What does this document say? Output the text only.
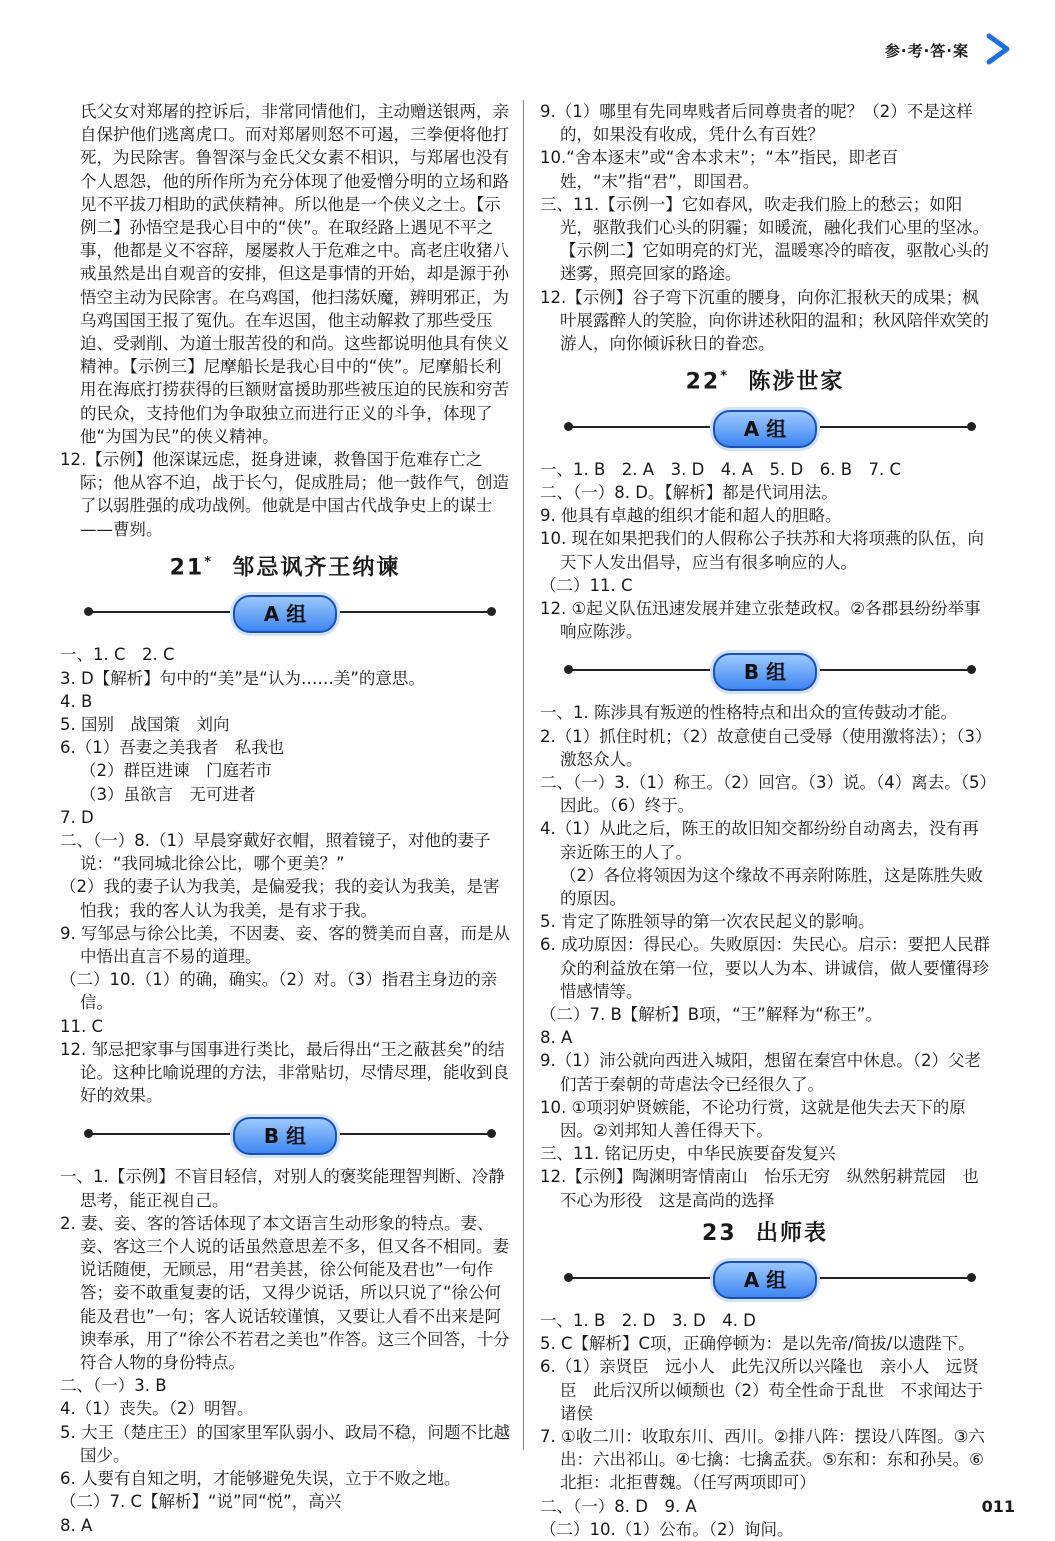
参·考·答·案

氏父女对郑屠的控诉后，非常同情他们，主动赠送银两，亲自保护他们逃离虎口。而对郑屠则怒不可遏，三拳便将他打死，为民除害。鲁智深与金氏父女素不相识，与郑屠也没有个人恩怨，他的所作所为充分体现了他爱憎分明的立场和路见不平拔刀相助的武侠精神。所以他是一个侠义之士。【示例二】孙悟空是我心目中的“侠”。在取经路上遇见不平之事，他都是义不容辞，屡屡救人于危难之中。高老庄收猪八戒虽然是出自观音的安排，但这是事情的开始，却是源于孙悟空主动为民除害。在乌鸡国，他扫荡妖魔，辨明邪正，为乌鸡国国王报了冤仇。在车迟国，他主动解救了那些受压迫、受剥削、为道士服苦役的和尚。这些都说明他具有侠义精神。【示例三】尼摩船长是我心目中的“侠”。尼摩船长利用在海底打捞获得的巨额财富援助那些被压迫的民族和穷苦的民众，支持他们为争取独立而进行正义的斗争，体现了他“为国为民”的侠义精神。

12.【示例】他深谋远虑，挺身进谏，救鲁国于危难存亡之际；他从容不迫，战于长勺，促成胜局；他一鼓作气，创造了以弱胜强的成功战例。他就是中国古代战争史上的谋士——曹刿。

21* 邹忌讽齐王纳谏
A 组

一、1. C　2. C

3. D【解析】句中的“美”是“认为……美”的意思。

4. B

5. 国别　战国策　刘向

6.（1）吾妻之美我者　私我也

（2）群臣进谏　门庭若市

（3）虽欲言　无可进者

7. D

二、（一）8.（1）早晨穿戴好衣帽，照着镜子，对他的妻子说：“我同城北徐公比，哪个更美？”

（2）我的妻子认为我美，是偏爱我；我的妾认为我美，是害怕我；我的客人认为我美，是有求于我。

9. 写邹忌与徐公比美，不因妻、妾、客的赞美而自喜，而是从中悟出直言不易的道理。

（二）10.（1）的确，确实。（2）对。（3）指君主身边的亲信。

11. C

12. 邹忌把家事与国事进行类比，最后得出“王之蔽甚矣”的结论。这种比喻说理的方法，非常贴切，尽情尽理，能收到良好的效果。

B 组

一、1.【示例】不盲目轻信，对别人的褒奖能理智判断、冷静思考，能正视自己。

2. 妻、妾、客的答话体现了本文语言生动形象的特点。妻、妾、客这三个人说的话虽然意思差不多，但又各不相同。妻说话随便，无顾忌，用“君美甚，徐公何能及君也”一句作答；妾不敢重复妻的话，又得少说话，所以只说了“徐公何能及君也”一句；客人说话较谨慎，又要让人看不出来是阿谀奉承，用了“徐公不若君之美也”作答。这三个回答，十分符合人物的身份特点。

二、（一）3. B

4.（1）丧失。（2）明智。

5. 大王（楚庄王）的国家里军队弱小、政局不稳，问题不比越国少。

6. 人要有自知之明，才能够避免失误，立于不败之地。

（二）7. C【解析】“说”同“悦”，高兴

8. A

9.（1）哪里有先同卑贱者后同尊贵者的呢？（2）不是这样的，如果没有收成，凭什么有百姓？

10.“舍本逐末”或“舍本求末”；“本”指民，即老百姓，“末”指“君”，即国君。

三、11.【示例一】它如春风，吹走我们脸上的愁云；如阳光，驱散我们心头的阴霾；如暖流，融化我们心里的坚冰。【示例二】它如明亮的灯光，温暖寒冷的暗夜，驱散心头的迷雾，照亮回家的路途。

12.【示例】谷子弯下沉重的腰身，向你汇报秋天的成果；枫叶展露醉人的笑脸，向你讲述秋阳的温和；秋风陪伴欢笑的游人，向你倾诉秋日的眷恋。

22* 陈涉世家
A 组

一、1. B　2. A　3. D　4. A　5. D　6. B　7. C

二、（一）8. D。【解析】都是代词用法。

9. 他具有卓越的组织才能和超人的胆略。

10. 现在如果把我们的人假称公子扶苏和大将项燕的队伍，向天下人发出倡导，应当有很多响应的人。

（二）11. C

12. ①起义队伍迅速发展并建立张楚政权。②各郡县纷纷举事响应陈涉。

B 组

一、1. 陈涉具有叛逆的性格特点和出众的宣传鼓动才能。

2.（1）抓住时机；（2）故意使自己受辱（使用激将法）；（3）激怒众人。

二、（一）3.（1）称王。（2）回宫。（3）说。（4）离去。（5）因此。（6）终于。

4.（1）从此之后，陈王的故旧知交都纷纷自动离去，没有再亲近陈王的人了。

（2）各位将领因为这个缘故不再亲附陈胜，这是陈胜失败的原因。

5. 肯定了陈胜领导的第一次农民起义的影响。

6. 成功原因：得民心。失败原因：失民心。启示：要把人民群众的利益放在第一位，要以人为本、讲诚信，做人要懂得珍惜感情等。

（二）7. B【解析】B项，“王”解释为“称王”。

8. A

9.（1）沛公就向西进入城阳，想留在秦宫中休息。（2）父老们苦于秦朝的苛虐法令已经很久了。

10. ①项羽妒贤嫉能，不论功行赏，这就是他失去天下的原因。②刘邦知人善任得天下。

三、11. 铭记历史，中华民族要奋发复兴

12.【示例】陶渊明寄情南山　怡乐无穷　纵然躬耕荒园　也不心为形役　这是高尚的选择

23 出师表
A 组

一、1. B　2. D　3. D　4. D

5. C【解析】C项，正确停顿为：是以先帝/简拔/以遗陛下。

6.（1）亲贤臣　远小人　此先汉所以兴隆也　亲小人　远贤臣　此后汉所以倾颓也（2）苟全性命于乱世　不求闻达于诸侯

7. ①收二川：收取东川、西川。②排八阵：摆设八阵图。③六出：六出祁山。④七擒：七擒孟获。⑤东和：东和孙吴。⑥北拒：北拒曹魏。（任写两项即可）

二、（一）8. D　9. A

（二）10.（1）公布。（2）询问。

011
